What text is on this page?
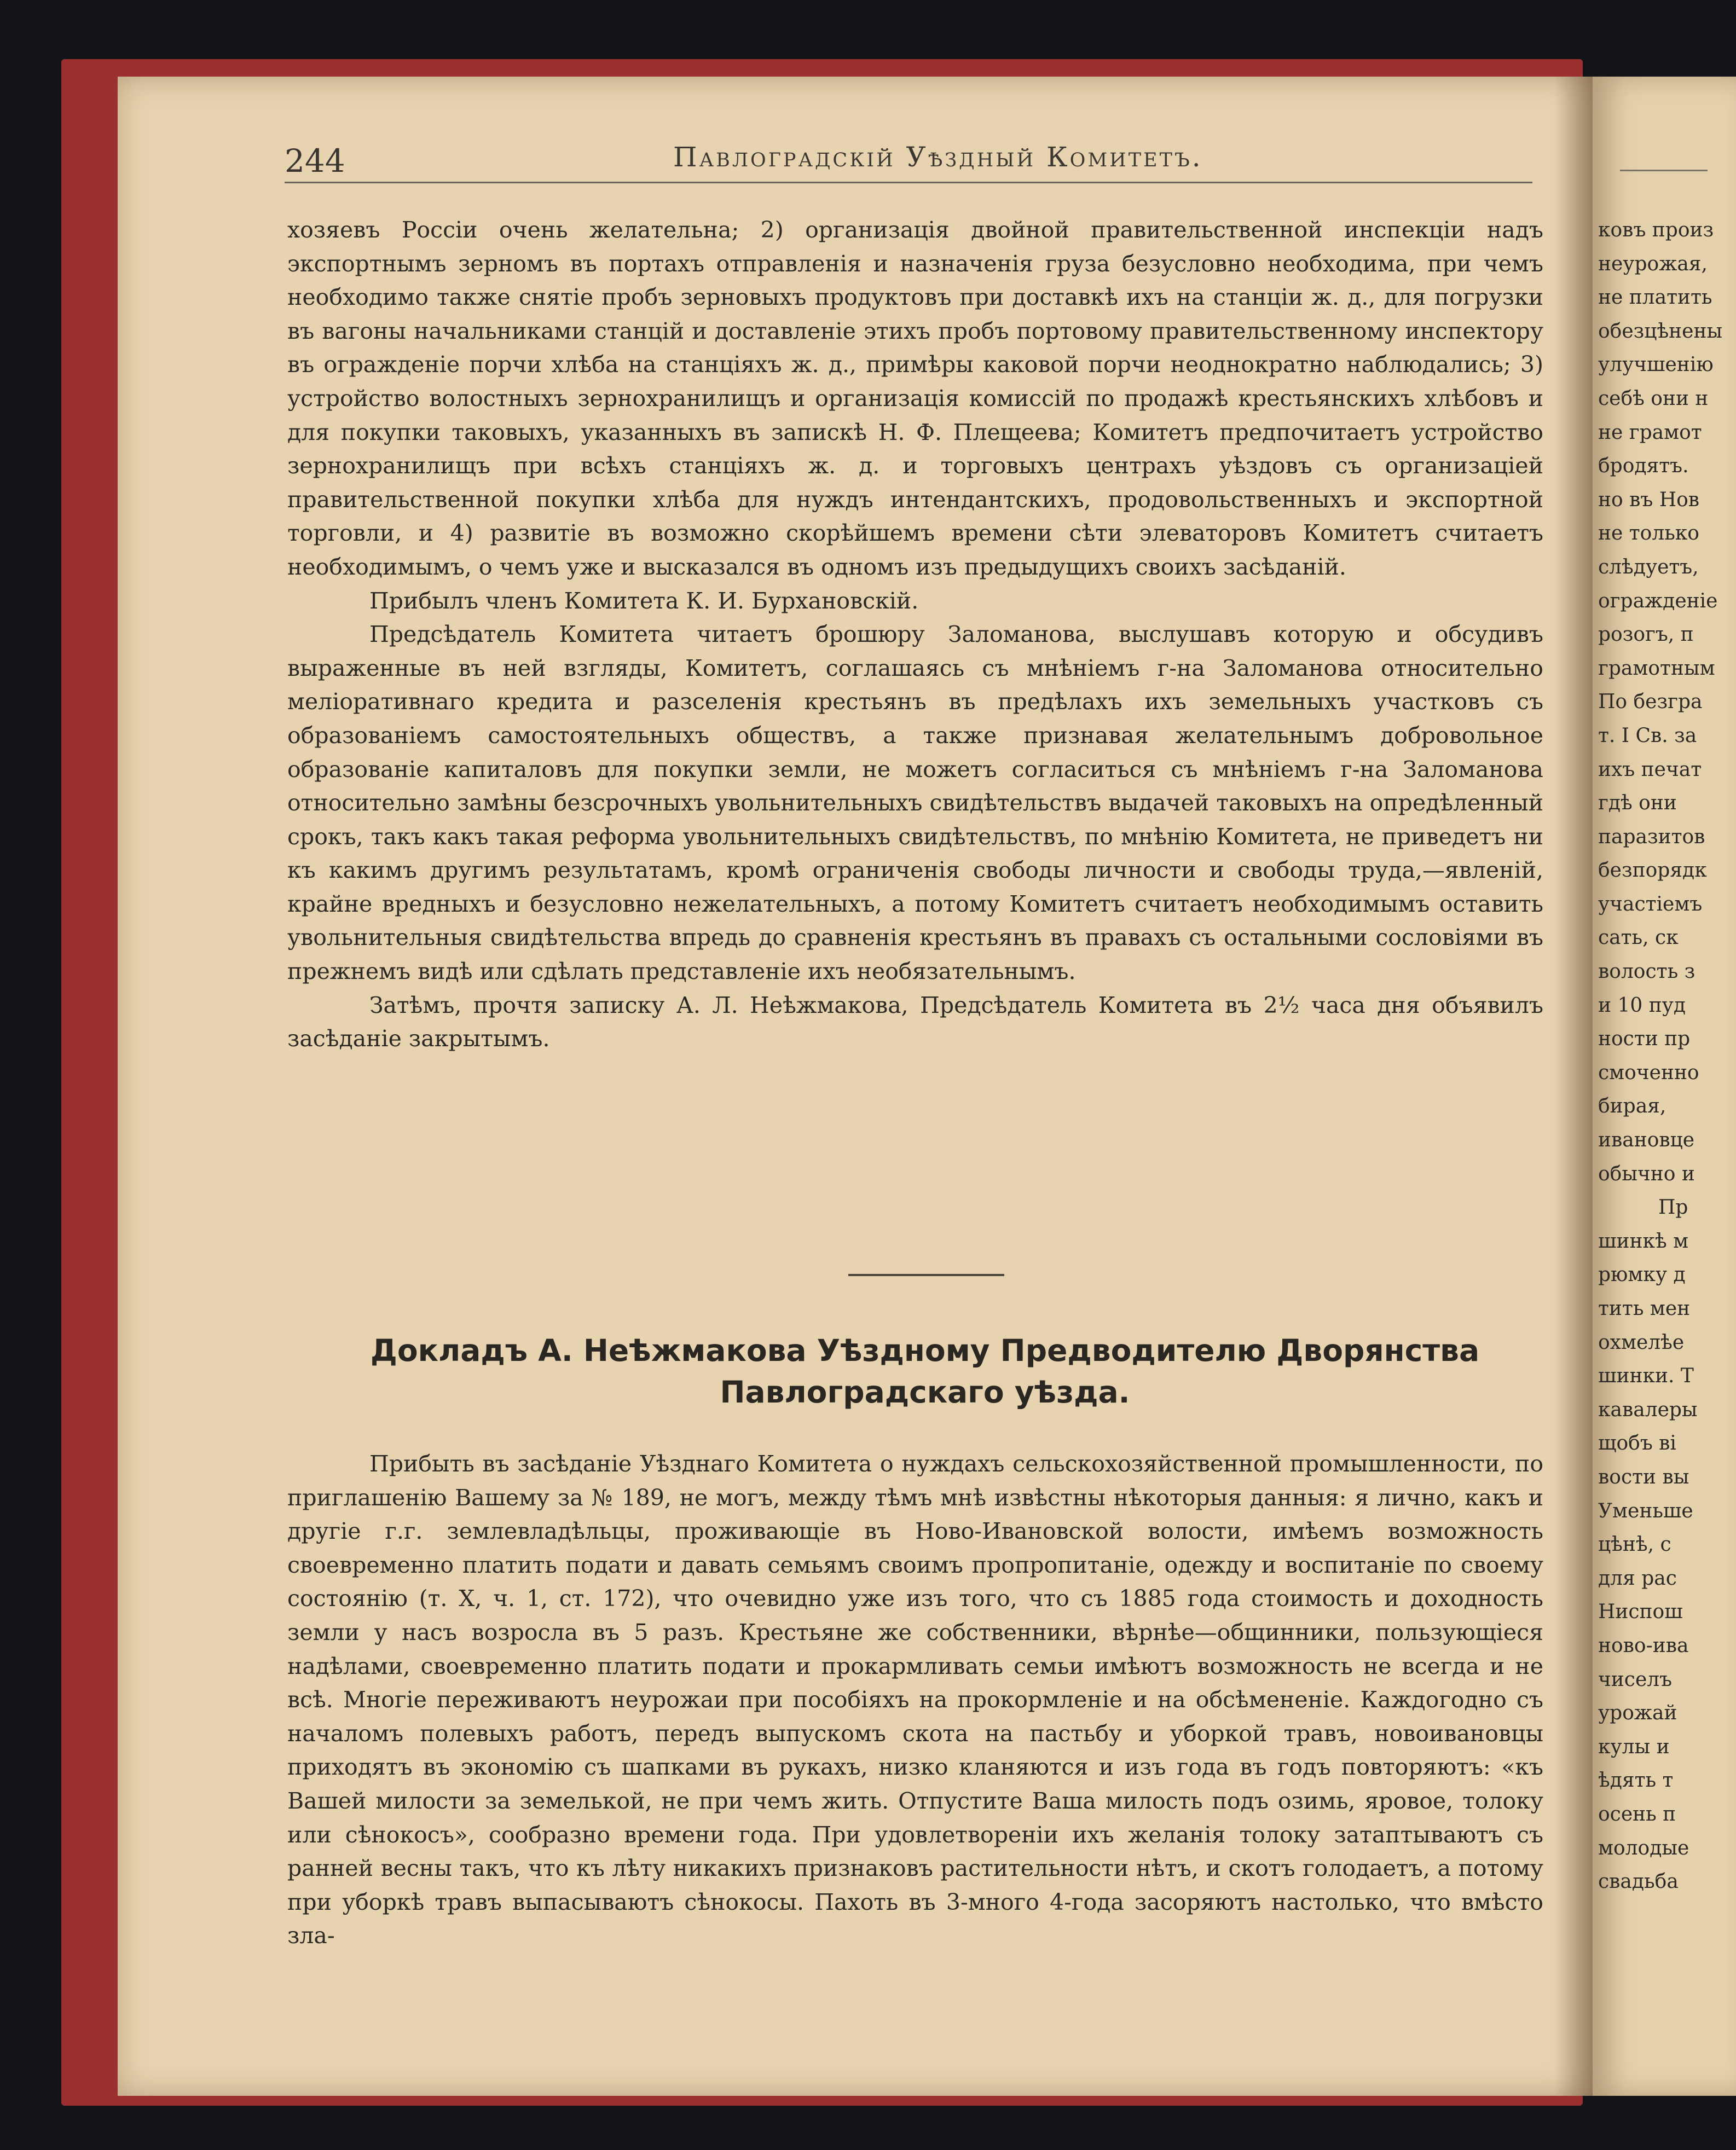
244	Павлоградскій Уѣздный Комитетъ.

хозяевъ Россіи очень желательна; 2) организація двойной правительственной инспекціи надъ экспортнымъ зерномъ въ портахъ отправленія и назначенія груза безусловно необходима, при чемъ необходимо также снятіе пробъ зерновыхъ продуктовъ при доставкѣ ихъ на станціи ж. д., для погрузки въ вагоны начальниками станцій и доставленіе этихъ пробъ портовому правительственному инспектору въ огражденіе порчи хлѣба на станціяхъ ж. д., примѣры каковой порчи неоднократно наблюдались; 3) устройство волостныхъ зернохранилищъ и организація комиссій по продажѣ крестьянскихъ хлѣбовъ и для покупки таковыхъ, указанныхъ въ запискѣ Н. Ф. Плещеева; Комитетъ предпочитаетъ устройство зернохранилищъ при всѣхъ станціяхъ ж. д. и торговыхъ центрахъ уѣздовъ съ организаціей правительственной покупки хлѣба для нуждъ интендантскихъ, продовольственныхъ и экспортной торговли, и 4) развитіе въ возможно скорѣйшемъ времени сѣти элеваторовъ Комитетъ считаетъ необходимымъ, о чемъ уже и высказался въ одномъ изъ предыдущихъ своихъ засѣданій.

Прибылъ членъ Комитета К. И. Бурхановскій.

Предсѣдатель Комитета читаетъ брошюру Заломанова, выслушавъ которую и обсудивъ выраженные въ ней взгляды, Комитетъ, соглашаясь съ мнѣніемъ г-на Заломанова относительно меліоративнаго кредита и разселенія крестьянъ въ предѣлахъ ихъ земельныхъ участковъ съ образованіемъ самостоятельныхъ обществъ, а также признавая желательнымъ добровольное образованіе капиталовъ для покупки земли, не можетъ согласиться съ мнѣніемъ г-на Заломанова относительно замѣны безсрочныхъ увольнительныхъ свидѣтельствъ выдачей таковыхъ на опредѣленный срокъ, такъ какъ такая реформа увольнительныхъ свидѣтельствъ, по мнѣнію Комитета, не приведетъ ни къ какимъ другимъ результатамъ, кромѣ ограниченія свободы личности и свободы труда,—явленій, крайне вредныхъ и безусловно нежелательныхъ, а потому Комитетъ считаетъ необходимымъ оставить увольнительныя свидѣтельства впредь до сравненія крестьянъ въ правахъ съ остальными сословіями въ прежнемъ видѣ или сдѣлать представленіе ихъ необязательнымъ.

Затѣмъ, прочтя записку А. Л. Неѣжмакова, Предсѣдатель Комитета въ 2½ часа дня объявилъ засѣданіе закрытымъ.

Докладъ А. Неѣжмакова Уѣздному Предводителю Дворянства
Павлоградскаго уѣзда.

Прибыть въ засѣданіе Уѣзднаго Комитета о нуждахъ сельскохозяйственной промышленности, по приглашенію Вашему за № 189, не могъ, между тѣмъ мнѣ извѣстны нѣкоторыя данныя: я лично, какъ и другіе г.г. землевладѣльцы, проживающіе въ Ново-Ивановской волости, имѣемъ возможность своевременно платить подати и давать семьямъ своимъ пропропитаніе, одежду и воспитаніе по своему состоянію (т. X, ч. 1, ст. 172), что очевидно уже изъ того, что съ 1885 года стоимость и доходность земли у насъ возросла въ 5 разъ. Крестьяне же собственники, вѣрнѣе—общинники, пользующіеся надѣлами, своевременно платить подати и прокармливать семьи имѣютъ возможность не всегда и не всѣ. Многіе переживаютъ неурожаи при пособіяхъ на прокормленіе и на обсѣмененіе. Каждогодно съ началомъ полевыхъ работъ, передъ выпускомъ скота на пастьбу и уборкой травъ, новоивановцы приходятъ въ экономію съ шапками въ рукахъ, низко кланяются и изъ года въ годъ повторяютъ: «къ Вашей милости за земелькой, не при чемъ жить. Отпустите Ваша милость подъ озимь, яровое, толоку или сѣнокосъ», сообразно времени года. При удовлетвореніи ихъ желанія толоку затаптываютъ съ ранней весны такъ, что къ лѣту никакихъ признаковъ растительности нѣтъ, и скотъ голодаетъ, а потому при уборкѣ травъ выпасываютъ сѣнокосы. Пахоть въ 3-много 4-года засоряютъ настолько, что вмѣсто зла-

ковъ произ
неурожая,
не платить
обезцѣнены
улучшенію
себѣ они н
не грамот
бродятъ.
но въ Нов
не только
слѣдуетъ,
огражденіе
розогъ, п
грамотным
По безгра
т. I Св. за
ихъ печат
гдѣ они
паразитов
безпорядк
участіемъ
сать, ск
волость з
и 10 пуд
ности пр
смоченно
бирая,
ивановце
обычно и
Пр
шинкѣ м
рюмку д
тить мен
охмелѣе
шинки. Т
кавалеры
щобъ ві
вости вы
Уменьше
цѣнѣ, с
для рас
Ниспош
ново-ива
чиселъ
урожай
кулы и
ѣдять т
осень п
молодые
свадьба
